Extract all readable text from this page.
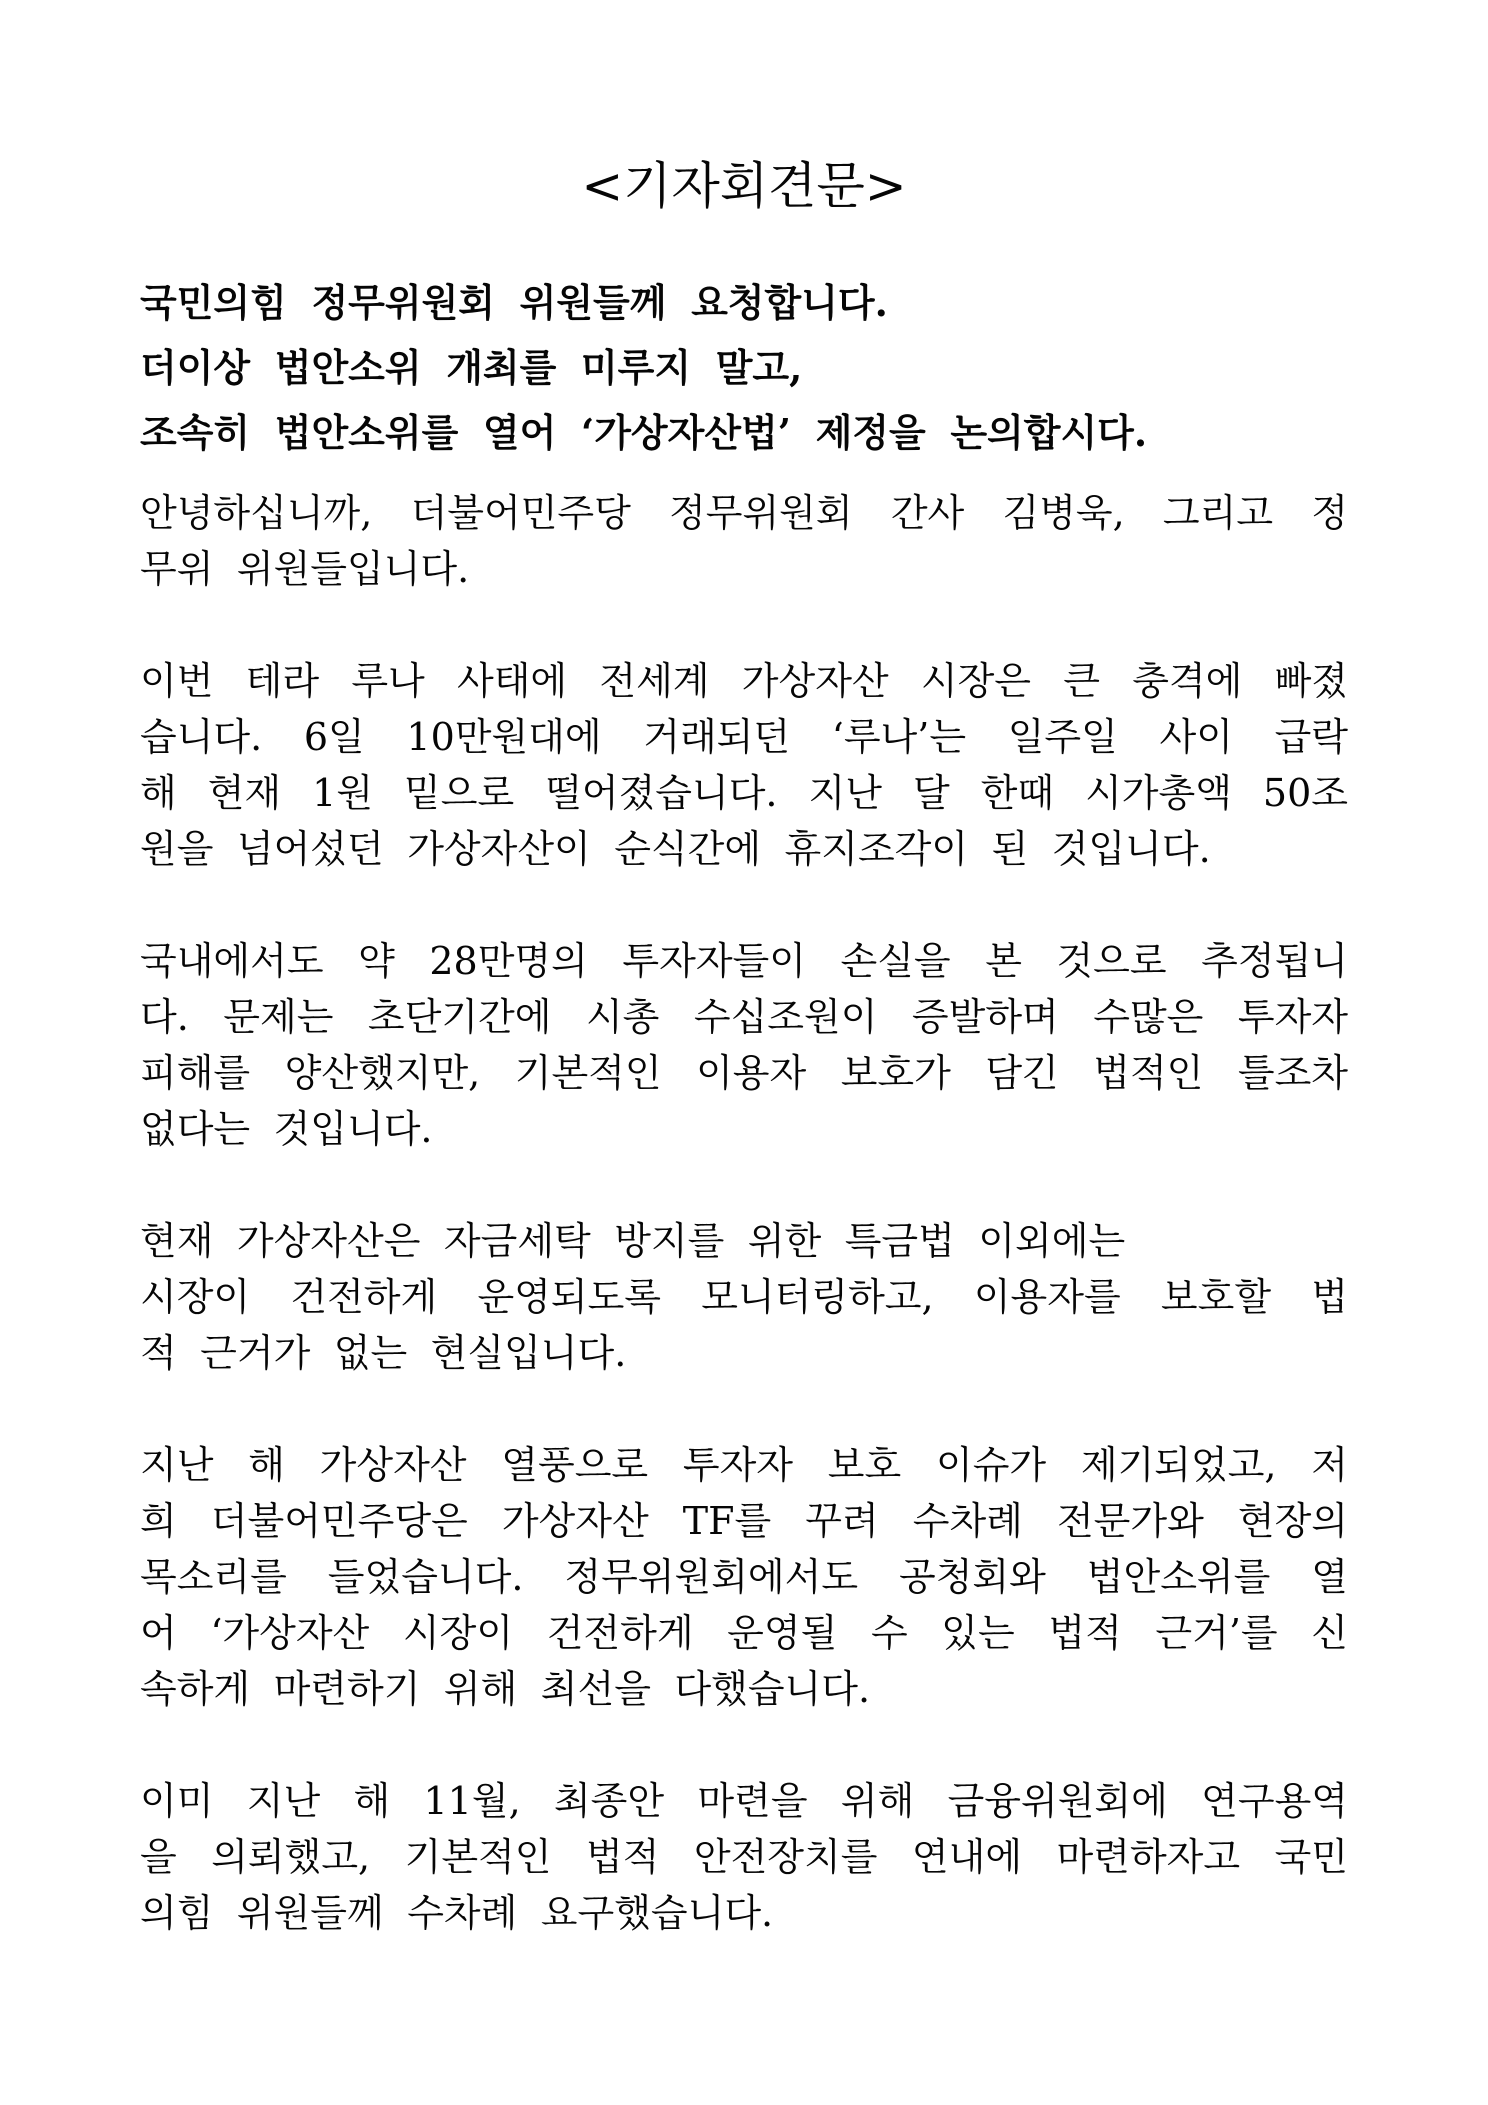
<기자회견문>

국민의힘 정무위원회 위원들께 요청합니다.

더이상 법안소위 개최를 미루지 말고,

조속히 법안소위를 열어 ‘가상자산법’ 제정을 논의합시다.

안녕하십니까, 더불어민주당 정무위원회 간사 김병욱, 그리고 정

무위 위원들입니다.

이번 테라 루나 사태에 전세계 가상자산 시장은 큰 충격에 빠졌

습니다. 6일 10만원대에 거래되던 ‘루나’는 일주일 사이 급락

해 현재 1원 밑으로 떨어졌습니다. 지난 달 한때 시가총액 50조

원을 넘어섰던 가상자산이 순식간에 휴지조각이 된 것입니다.

국내에서도 약 28만명의 투자자들이 손실을 본 것으로 추정됩니

다. 문제는 초단기간에 시총 수십조원이 증발하며 수많은 투자자

피해를 양산했지만, 기본적인 이용자 보호가 담긴 법적인 틀조차

없다는 것입니다.

현재 가상자산은 자금세탁 방지를 위한 특금법 이외에는

시장이 건전하게 운영되도록 모니터링하고, 이용자를 보호할 법

적 근거가 없는 현실입니다.

지난 해 가상자산 열풍으로 투자자 보호 이슈가 제기되었고, 저

희 더불어민주당은 가상자산 TF를 꾸려 수차례 전문가와 현장의

목소리를 들었습니다. 정무위원회에서도 공청회와 법안소위를 열

어 ‘가상자산 시장이 건전하게 운영될 수 있는 법적 근거’를 신

속하게 마련하기 위해 최선을 다했습니다.

이미 지난 해 11월, 최종안 마련을 위해 금융위원회에 연구용역

을 의뢰했고, 기본적인 법적 안전장치를 연내에 마련하자고 국민

의힘 위원들께 수차례 요구했습니다.
